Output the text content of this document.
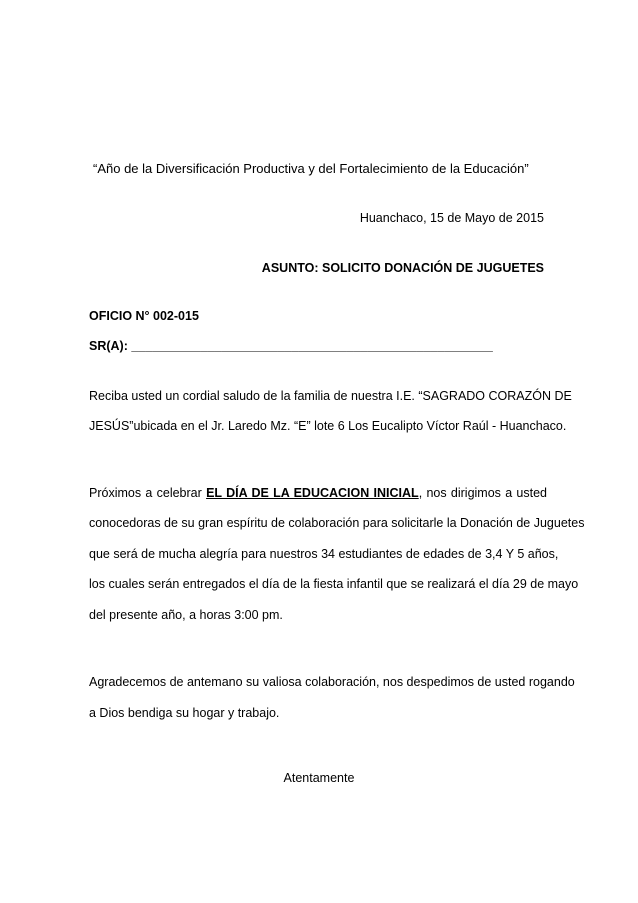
“Año de la Diversificación Productiva y del Fortalecimiento de la Educación”
Huanchaco, 15 de Mayo de 2015
ASUNTO: SOLICITO DONACIÓN DE JUGUETES
OFICIO N° 002-015
SR(A): ____________________________________________________
Reciba usted un cordial saludo de la familia de nuestra I.E. “SAGRADO CORAZÓN DE
JESÚS”ubicada en el Jr. Laredo Mz. “E” lote 6 Los Eucalipto Víctor Raúl - Huanchaco.
Próximos a celebrar EL DÍA DE LA EDUCACION INICIAL, nos dirigimos a usted
conocedoras de su gran espíritu de colaboración para solicitarle la Donación de Juguetes
que será de mucha alegría para nuestros 34 estudiantes de edades de 3,4 Y 5 años,
los cuales serán entregados el día de la fiesta infantil que se realizará el día 29 de mayo
del presente año, a horas 3:00 pm.
Agradecemos de antemano su valiosa colaboración, nos despedimos de usted rogando
a Dios bendiga su hogar y trabajo.
Atentamente
